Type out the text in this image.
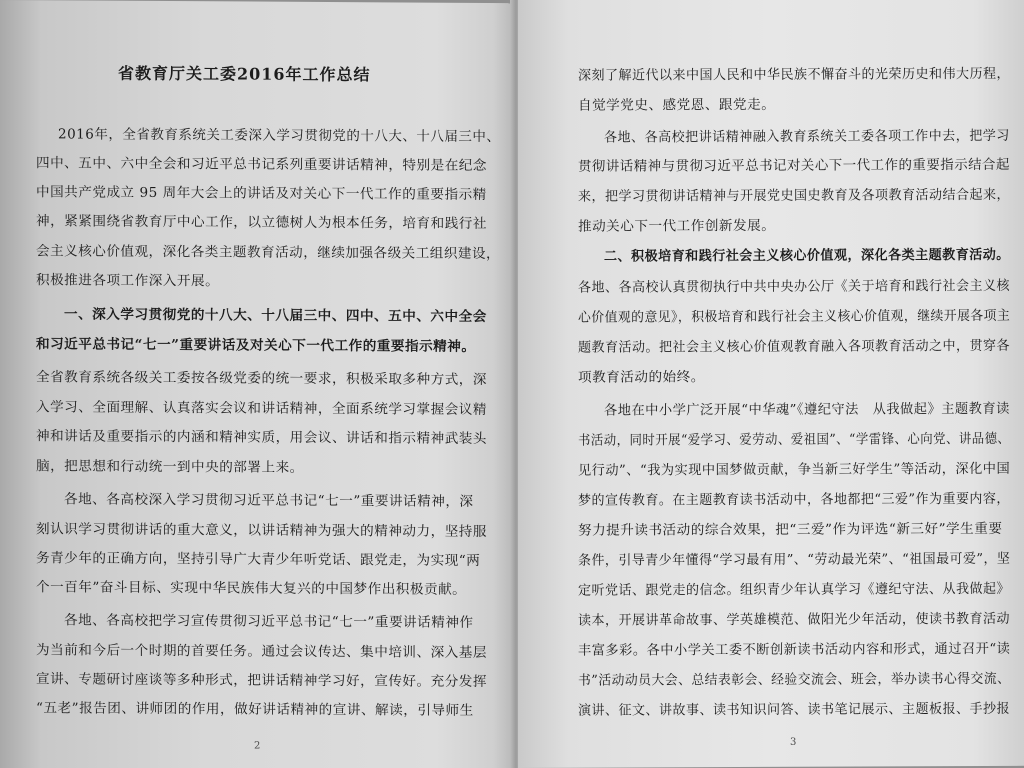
省教育厅关工委2016年工作总结
2016年，全省教育系统关工委深入学习贯彻党的十八大、十八届三中、
四中、五中、六中全会和习近平总书记系列重要讲话精神，特别是在纪念
中国共产党成立 95 周年大会上的讲话及对关心下一代工作的重要指示精
神，紧紧围绕省教育厅中心工作，以立德树人为根本任务，培育和践行社
会主义核心价值观，深化各类主题教育活动，继续加强各级关工组织建设，
积极推进各项工作深入开展。
一、深入学习贯彻党的十八大、十八届三中、四中、五中、六中全会
和习近平总书记“七一”重要讲话及对关心下一代工作的重要指示精神。
全省教育系统各级关工委按各级党委的统一要求，积极采取多种方式，深
入学习、全面理解、认真落实会议和讲话精神，全面系统学习掌握会议精
神和讲话及重要指示的内涵和精神实质，用会议、讲话和指示精神武装头
脑，把思想和行动统一到中央的部署上来。
各地、各高校深入学习贯彻习近平总书记“七一”重要讲话精神，深
刻认识学习贯彻讲话的重大意义，以讲话精神为强大的精神动力，坚持服
务青少年的正确方向，坚持引导广大青少年听党话、跟党走，为实现“两
个一百年”奋斗目标、实现中华民族伟大复兴的中国梦作出积极贡献。
各地、各高校把学习宣传贯彻习近平总书记“七一”重要讲话精神作
为当前和今后一个时期的首要任务。通过会议传达、集中培训、深入基层
宣讲、专题研讨座谈等多种形式，把讲话精神学习好，宣传好。充分发挥
“五老”报告团、讲师团的作用，做好讲话精神的宣讲、解读，引导师生
2
深刻了解近代以来中国人民和中华民族不懈奋斗的光荣历史和伟大历程，
自觉学党史、感党恩、跟党走。
各地、各高校把讲话精神融入教育系统关工委各项工作中去，把学习
贯彻讲话精神与贯彻习近平总书记对关心下一代工作的重要指示结合起
来，把学习贯彻讲话精神与开展党史国史教育及各项教育活动结合起来，
推动关心下一代工作创新发展。
二、积极培育和践行社会主义核心价值观，深化各类主题教育活动。
各地、各高校认真贯彻执行中共中央办公厅《关于培育和践行社会主义核
心价值观的意见》，积极培育和践行社会主义核心价值观，继续开展各项主
题教育活动。把社会主义核心价值观教育融入各项教育活动之中，贯穿各
项教育活动的始终。
各地在中小学广泛开展“中华魂”《遵纪守法　从我做起》主题教育读
书活动，同时开展“爱学习、爱劳动、爱祖国”、“学雷锋、心向党、讲品德、
见行动”、“我为实现中国梦做贡献，争当新三好学生”等活动，深化中国
梦的宣传教育。在主题教育读书活动中，各地都把“三爱”作为重要内容，
努力提升读书活动的综合效果，把“三爱”作为评选“新三好”学生重要
条件，引导青少年懂得“学习最有用”、“劳动最光荣”、“祖国最可爱”，坚
定听党话、跟党走的信念。组织青少年认真学习《遵纪守法、从我做起》
读本，开展讲革命故事、学英雄模范、做阳光少年活动，使读书教育活动
丰富多彩。各中小学关工委不断创新读书活动内容和形式，通过召开“读
书”活动动员大会、总结表彰会、经验交流会、班会，举办读书心得交流、
演讲、征文、讲故事、读书知识问答、读书笔记展示、主题板报、手抄报
3
